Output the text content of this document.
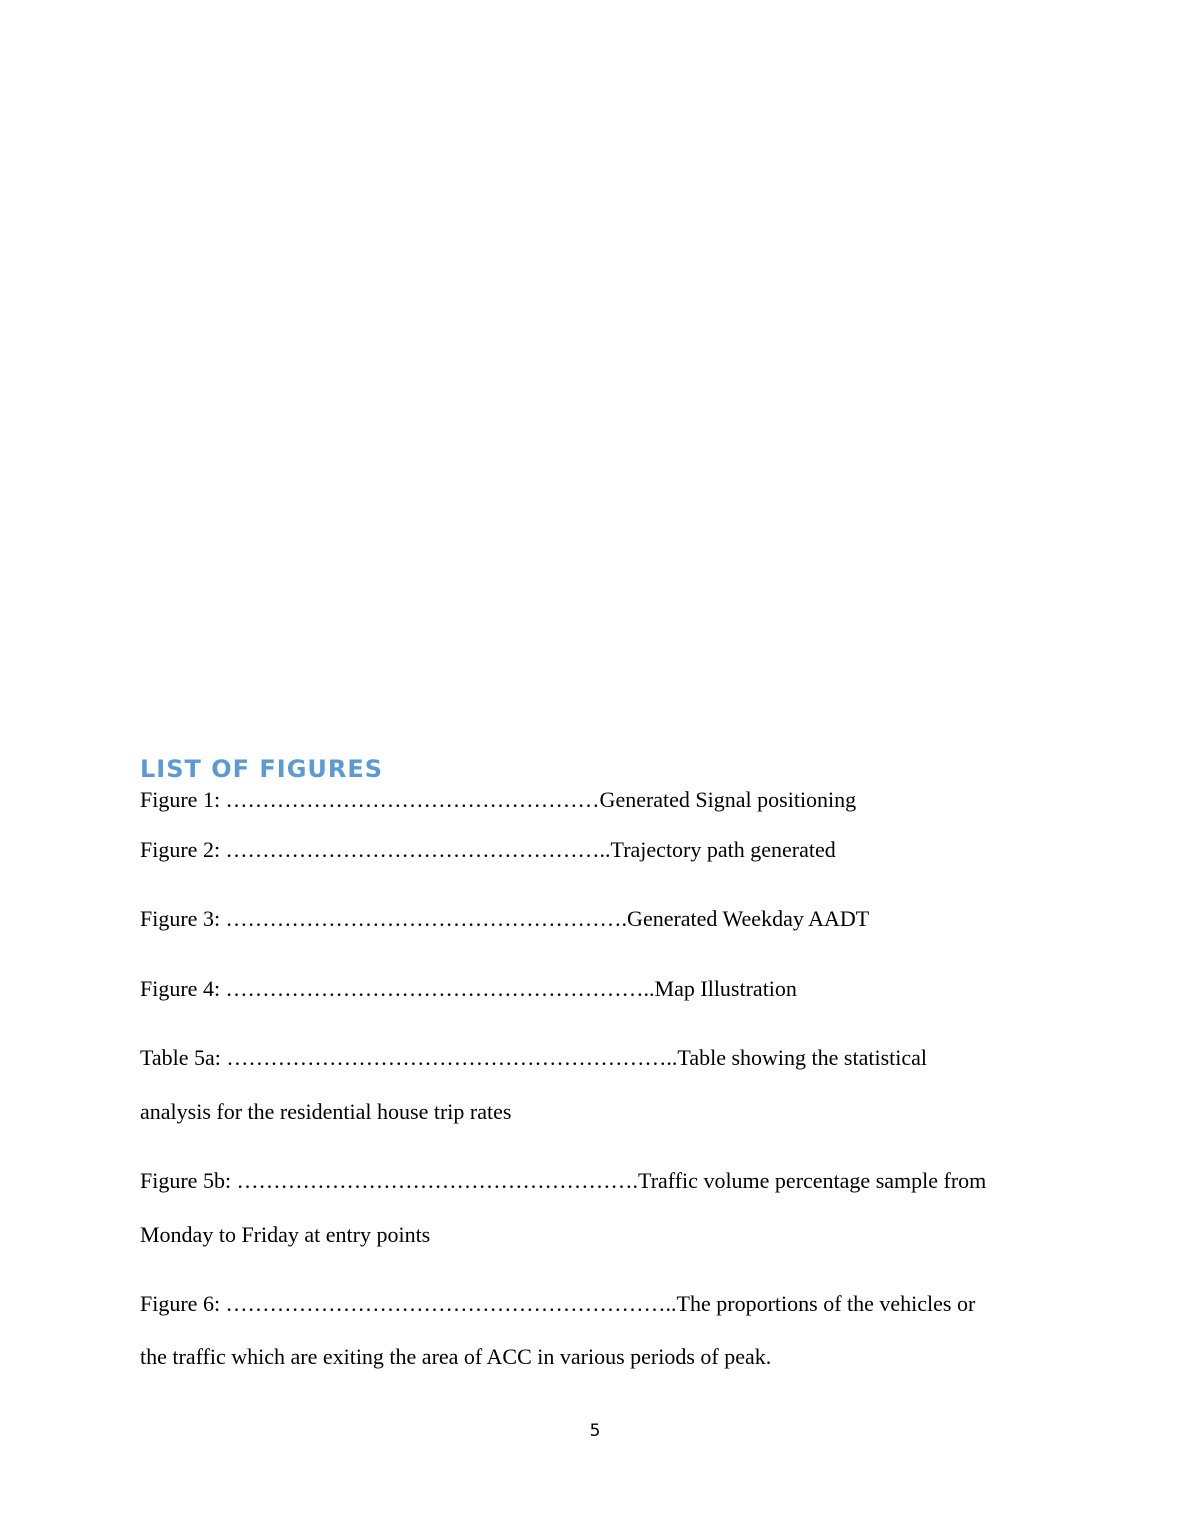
LIST OF FIGURES

Figure 1: ……………………………………………Generated Signal positioning

Figure 2: ……………………………………………..Trajectory path generated

Figure 3: ……………………………………………….Generated Weekday AADT

Figure 4: …………………………………………………..Map Illustration

Table 5a: ……………………………………………………..Table showing the statistical

analysis for the residential house trip rates

Figure 5b: ……………………………………………….Traffic volume percentage sample from

Monday to Friday at entry points

Figure 6: ……………………………………………………..The proportions of the vehicles or

the traffic which are exiting the area of ACC in various periods of peak.

5
